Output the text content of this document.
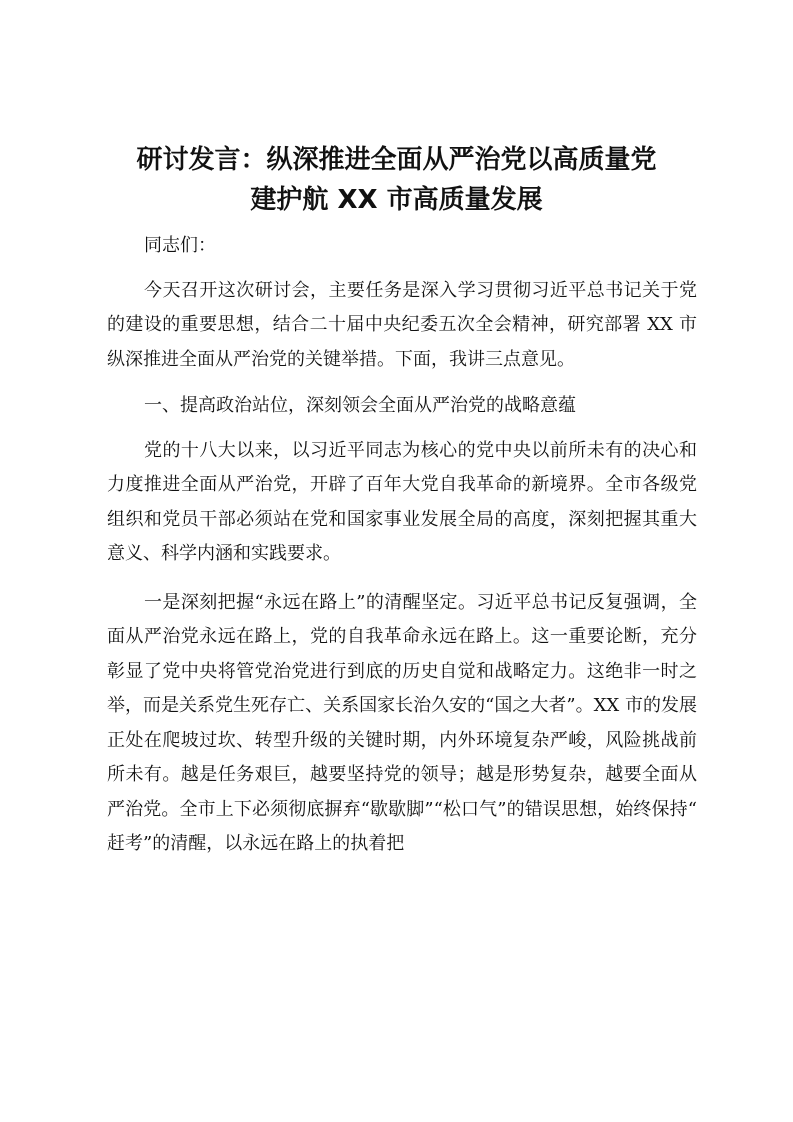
研讨发言：纵深推进全面从严治党以高质量党
建护航 XX 市高质量发展

同志们：

今天召开这次研讨会，主要任务是深入学习贯彻习近平总书记关于党的建设的重要思想，结合二十届中央纪委五次全会精神，研究部署 XX 市纵深推进全面从严治党的关键举措。下面，我讲三点意见。

一、提高政治站位，深刻领会全面从严治党的战略意蕴

党的十八大以来，以习近平同志为核心的党中央以前所未有的决心和力度推进全面从严治党，开辟了百年大党自我革命的新境界。全市各级党组织和党员干部必须站在党和国家事业发展全局的高度，深刻把握其重大意义、科学内涵和实践要求。

一是深刻把握“永远在路上”的清醒坚定。习近平总书记反复强调，全面从严治党永远在路上，党的自我革命永远在路上。这一重要论断，充分彰显了党中央将管党治党进行到底的历史自觉和战略定力。这绝非一时之举，而是关系党生死存亡、关系国家长治久安的“国之大者”。XX 市的发展正处在爬坡过坎、转型升级的关键时期，内外环境复杂严峻，风险挑战前所未有。越是任务艰巨，越要坚持党的领导；越是形势复杂，越要全面从严治党。全市上下必须彻底摒弃“歇歇脚”“松口气”的错误思想，始终保持“赶考”的清醒，以永远在路上的执着把
